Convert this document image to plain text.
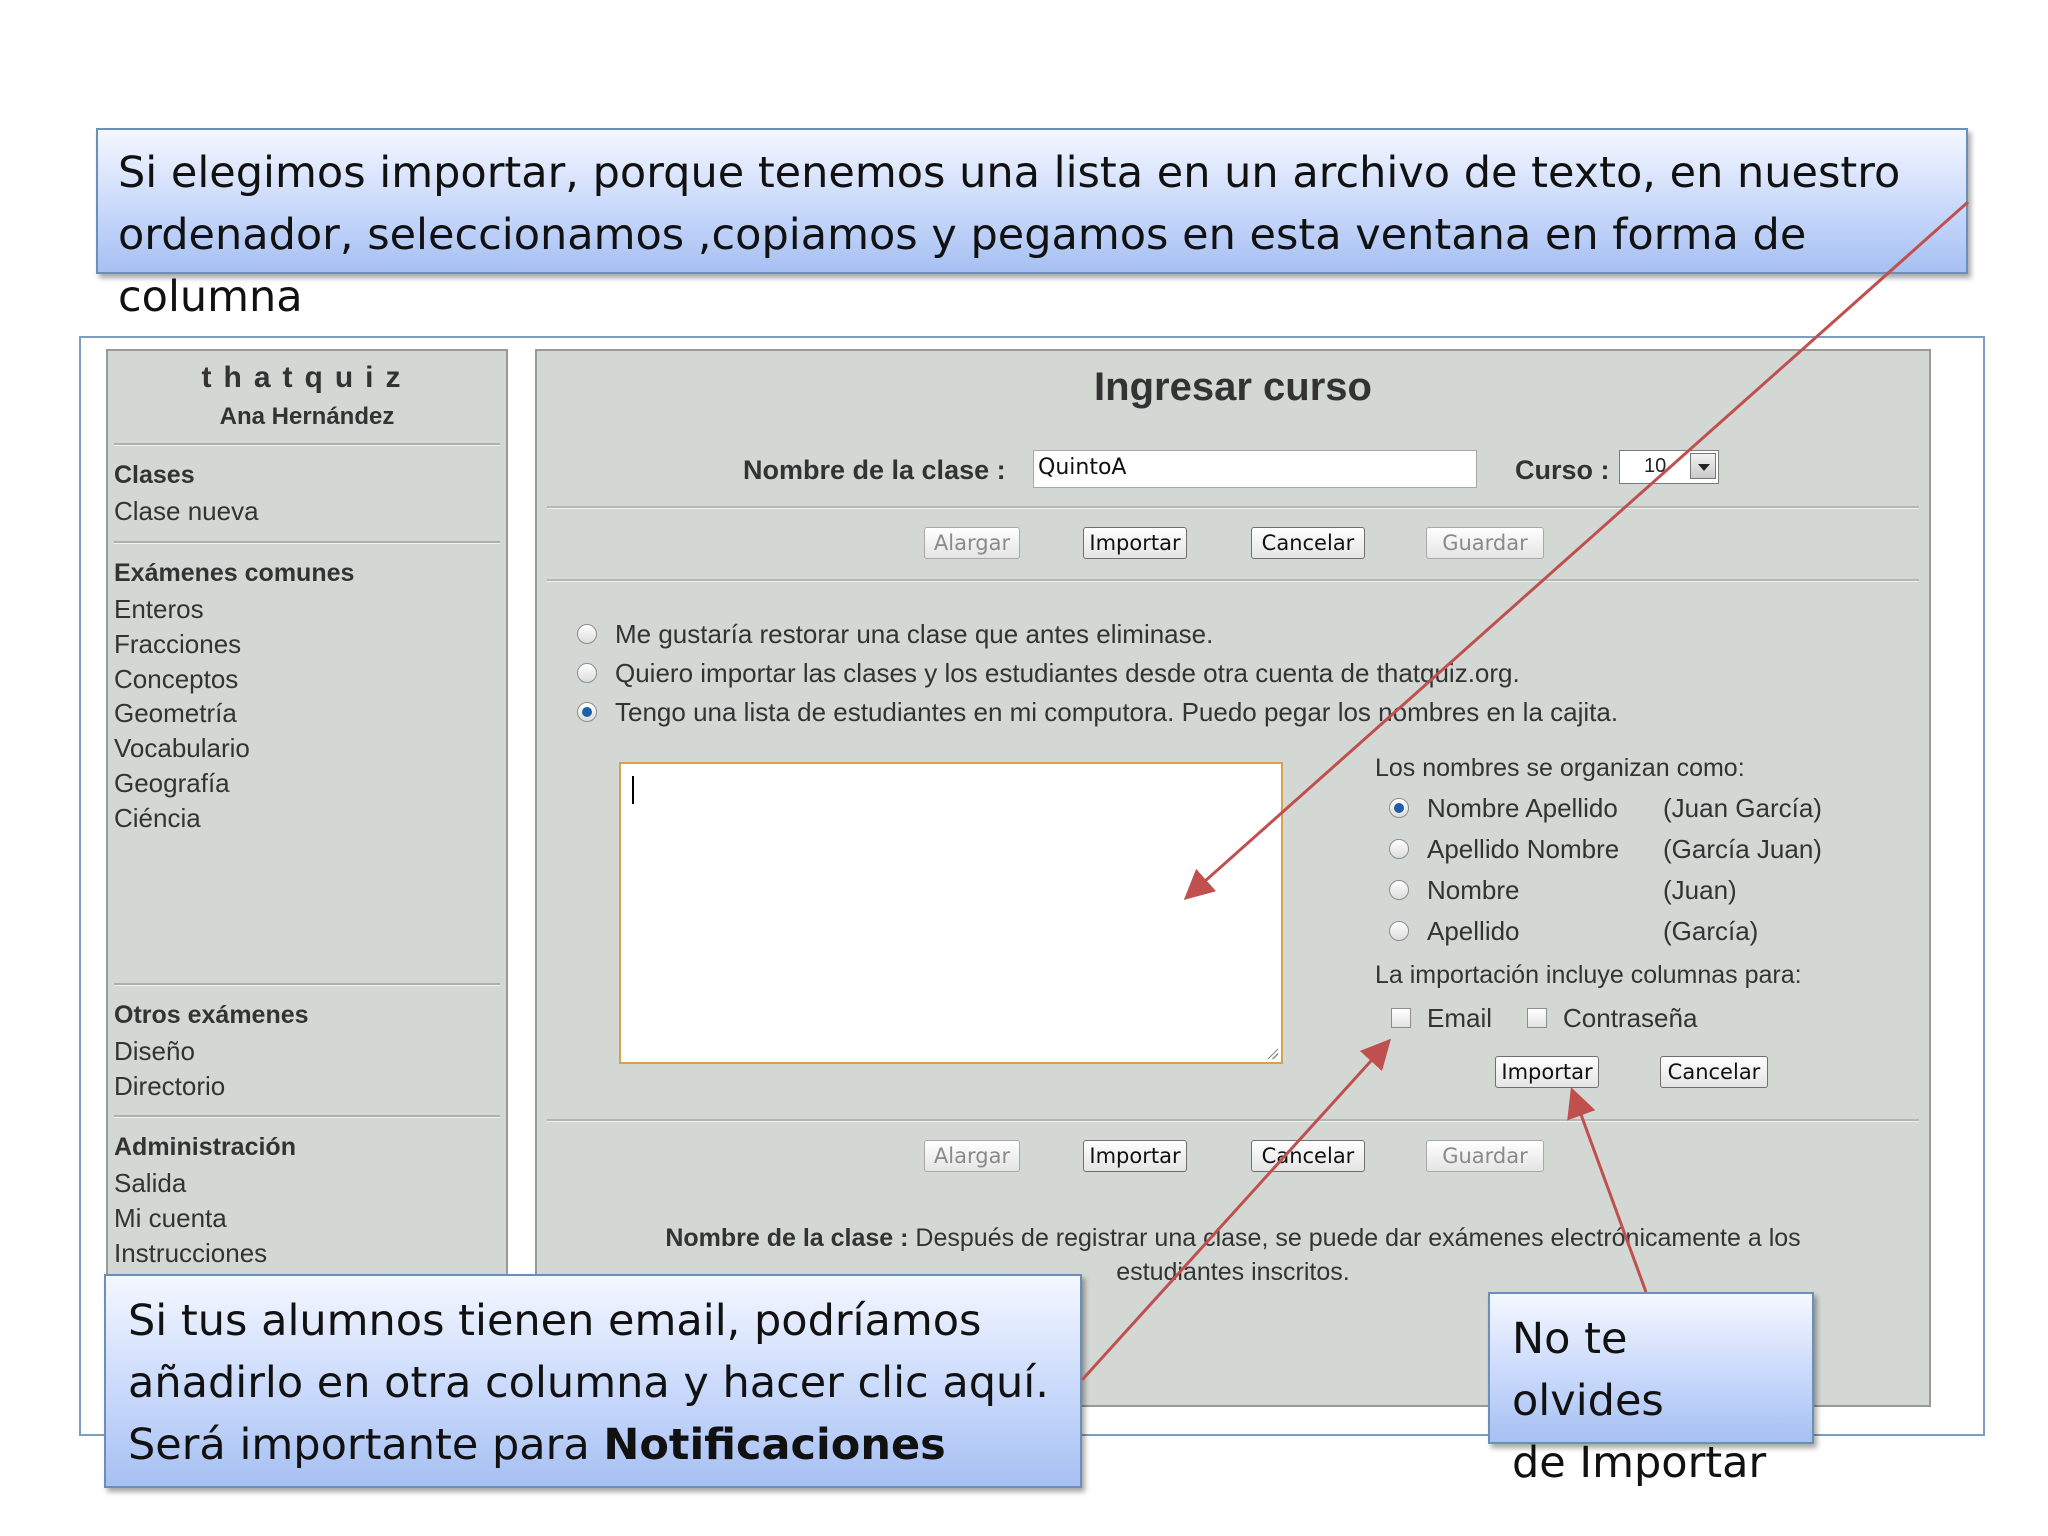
Si elegimos importar, porque tenemos una lista en un archivo de texto, en nuestro
ordenador, seleccionamos ,copiamos y pegamos en esta ventana en forma de columna
thatquiz
Ana Hernández
Clases
Clase nueva
Exámenes comunes
Enteros
Fracciones
Conceptos
Geometría
Vocabulario
Geografía
Ciéncia
Otros exámenes
Diseño
Directorio
Administración
Salida
Mi cuenta
Instrucciones
Ingresar curso
Nombre de la clase : QuintoA	Curso : 10
Alargar	Importar	Cancelar	Guardar
Me gustaría restorar una clase que antes eliminase.
Quiero importar las clases y los estudiantes desde otra cuenta de thatquiz.org.
Tengo una lista de estudiantes en mi computora. Puedo pegar los nombres en la cajita.
Los nombres se organizan como:
Nombre Apellido (Juan García)
Apellido Nombre (García Juan)
Nombre	(Juan)
Apellido	(García)
La importación incluye columnas para:
Email	Contraseña
Importar	Cancelar
Alargar	Importar	Cancelar	Guardar
Nombre de la clase : Después de registrar una clase, se puede dar exámenes electrónicamente a los
estudiantes inscritos.
Si tus alumnos tienen email, podríamos
añadirlo en otra columna y hacer clic aquí.
Será importante para Notificaciones
No te olvides
de Importar
